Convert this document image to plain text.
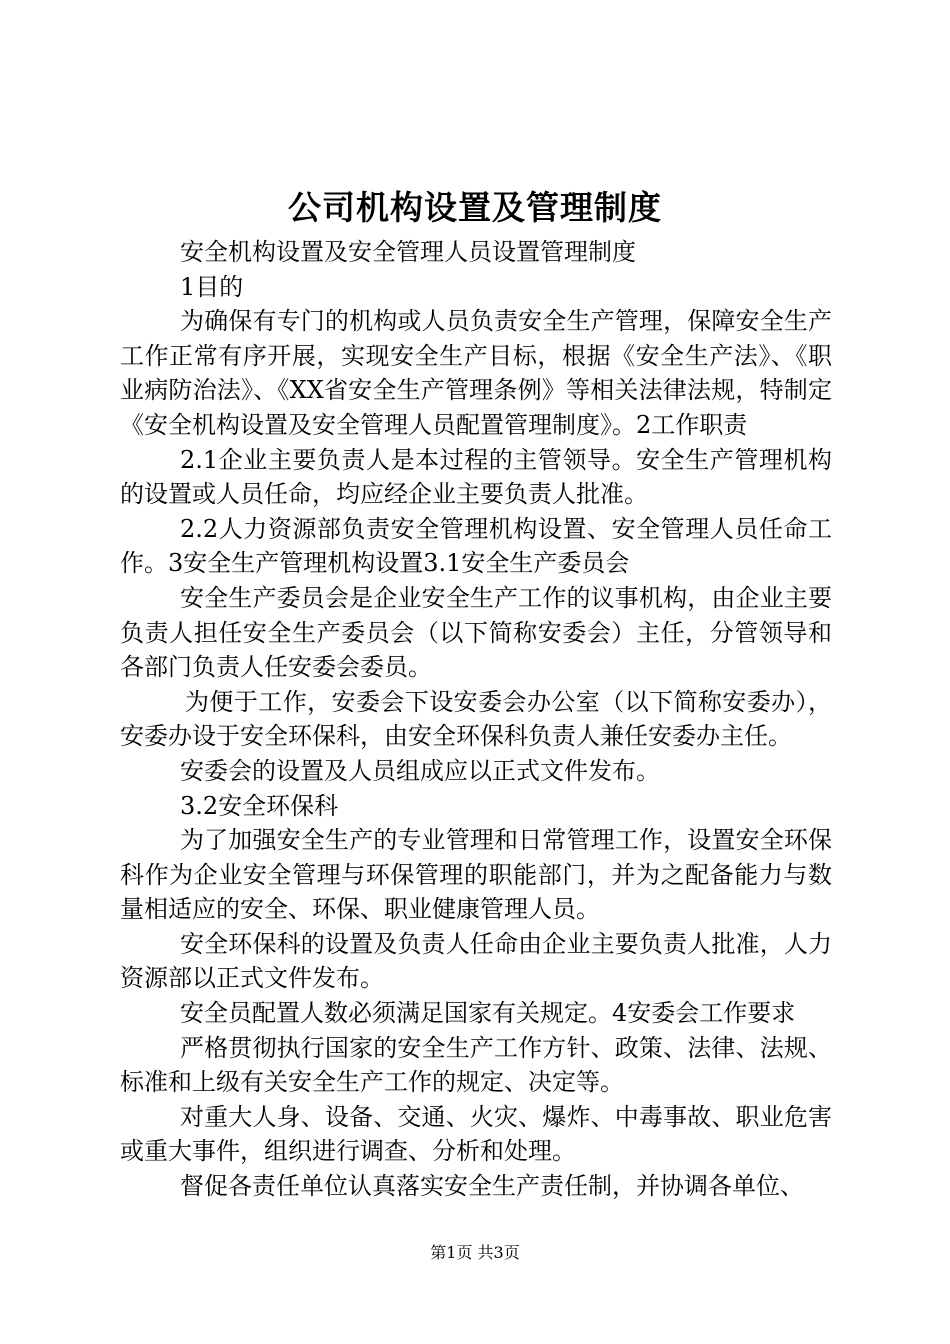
公司机构设置及管理制度

安全机构设置及安全管理人员设置管理制度

1目的

为确保有专门的机构或人员负责安全生产管理，保障安全生产工作正常有序开展，实现安全生产目标，根据《安全生产法》、《职业病防治法》、《XX省安全生产管理条例》等相关法律法规，特制定《安全机构设置及安全管理人员配置管理制度》。2工作职责

2.1企业主要负责人是本过程的主管领导。安全生产管理机构的设置或人员任命，均应经企业主要负责人批准。

2.2人力资源部负责安全管理机构设置、安全管理人员任命工作。3安全生产管理机构设置3.1安全生产委员会

安全生产委员会是企业安全生产工作的议事机构，由企业主要负责人担任安全生产委员会（以下简称安委会）主任，分管领导和各部门负责人任安委会委员。

为便于工作，安委会下设安委会办公室（以下简称安委办），安委办设于安全环保科，由安全环保科负责人兼任安委办主任。

安委会的设置及人员组成应以正式文件发布。

3.2安全环保科

为了加强安全生产的专业管理和日常管理工作，设置安全环保科作为企业安全管理与环保管理的职能部门，并为之配备能力与数量相适应的安全、环保、职业健康管理人员。

安全环保科的设置及负责人任命由企业主要负责人批准，人力资源部以正式文件发布。

安全员配置人数必须满足国家有关规定。4安委会工作要求

严格贯彻执行国家的安全生产工作方针、政策、法律、法规、标准和上级有关安全生产工作的规定、决定等。

对重大人身、设备、交通、火灾、爆炸、中毒事故、职业危害或重大事件，组织进行调查、分析和处理。

督促各责任单位认真落实安全生产责任制，并协调各单位、

第1页 共3页
